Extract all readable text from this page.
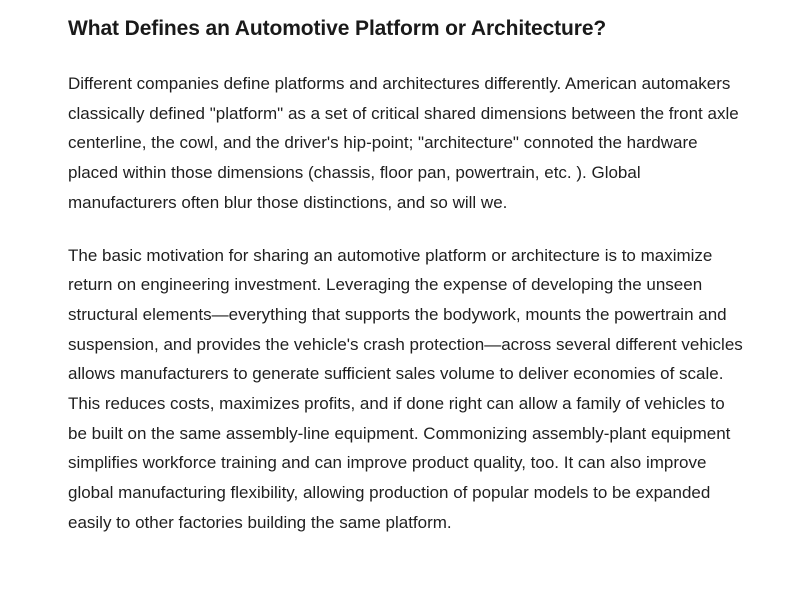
What Defines an Automotive Platform or Architecture?

Different companies define platforms and architectures differently. American automakers classically defined "platform" as a set of critical shared dimensions between the front axle centerline, the cowl, and the driver's hip-point; "architecture" connoted the hardware placed within those dimensions (chassis, floor pan, powertrain, etc. ). Global manufacturers often blur those distinctions, and so will we.

The basic motivation for sharing an automotive platform or architecture is to maximize return on engineering investment. Leveraging the expense of developing the unseen structural elements—everything that supports the bodywork, mounts the powertrain and suspension, and provides the vehicle's crash protection—across several different vehicles allows manufacturers to generate sufficient sales volume to deliver economies of scale. This reduces costs, maximizes profits, and if done right can allow a family of vehicles to be built on the same assembly-line equipment. Commonizing assembly-plant equipment simplifies workforce training and can improve product quality, too. It can also improve global manufacturing flexibility, allowing production of popular models to be expanded easily to other factories building the same platform.
